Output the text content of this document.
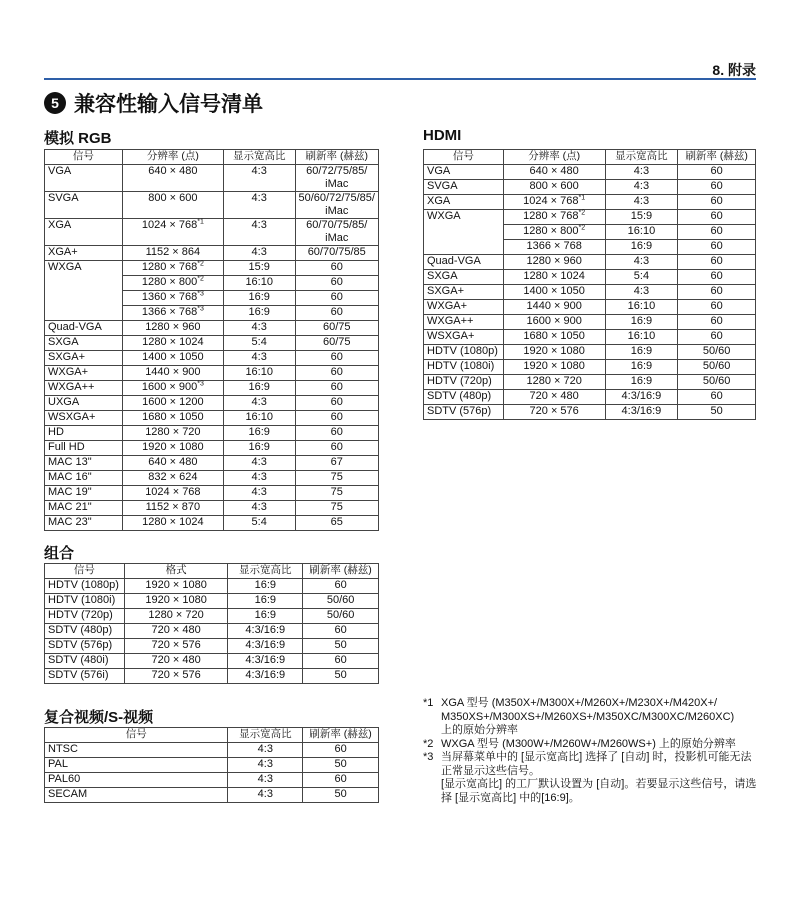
8. 附录
5 兼容性输入信号清单
模拟 RGB
信号	分辨率 (点)	显示宽高比	刷新率 (赫兹)
VGA	640 × 480	4:3	60/72/75/85/ iMac
SVGA	800 × 600	4:3	50/60/72/75/85/ iMac
XGA	$1024 \times 768^{*1}$	4:3	60/70/75/85/ iMac
XGA+	1152 × 864	4:3	60/70/75/85
WXGA	$1280 \times 768^{*2}$	15:9	60
	$1280 \times 800^{*2}$	16:10	60
	$1360 \times 768^{*3}$	16:9	60
	$1366 \times 768^{*3}$	16:9	60
Quad-VGA	1280 × 960	4:3	60/75
SXGA	1280 × 1024	5:4	60/75
SXGA+	1400 × 1050	4:3	60
WXGA+	1440 × 900	16:10	60
WXGA++	$1600 \times 900^{*3}$	16:9	60
UXGA	1600 × 1200	4:3	60
WSXGA+	1680 × 1050	16:10	60
HD	1280 × 720	16:9	60
Full HD	1920 × 1080	16:9	60
MAC 13"	640 × 480	4:3	67
MAC 16"	832 × 624	4:3	75
MAC 19"	1024 × 768	4:3	75
MAC 21"	1152 × 870	4:3	75
MAC 23"	1280 × 1024	5:4	65
组合
信号	格式	显示宽高比	刷新率 (赫兹)
HDTV (1080p)	1920 × 1080	16:9	60
HDTV (1080i)	1920 × 1080	16:9	50/60
HDTV (720p)	1280 × 720	16:9	50/60
SDTV (480p)	720 × 480	4:3/16:9	60
SDTV (576p)	720 × 576	4:3/16:9	50
SDTV (480i)	720 × 480	4:3/16:9	60
SDTV (576i)	720 × 576	4:3/16:9	50
复合视频/S-视频
信号	显示宽高比	刷新率 (赫兹)
NTSC	4:3	60
PAL	4:3	50
PAL60	4:3	60
SECAM	4:3	50
HDMI
信号	分辨率 (点)	显示宽高比	刷新率 (赫兹)
VGA	640 × 480	4:3	60
SVGA	800 × 600	4:3	60
XGA	$1024 \times 768^{*1}$	4:3	60
WXGA	$1280 \times 768^{*2}$	15:9	60
	$1280 \times 800^{*2}$	16:10	60
	1366 × 768	16:9	60
Quad-VGA	1280 × 960	4:3	60
SXGA	1280 × 1024	5:4	60
SXGA+	1400 × 1050	4:3	60
WXGA+	1440 × 900	16:10	60
WXGA++	1600 × 900	16:9	60
WSXGA+	1680 × 1050	16:10	60
HDTV (1080p)	1920 × 1080	16:9	50/60
HDTV (1080i)	1920 × 1080	16:9	50/60
HDTV (720p)	1280 × 720	16:9	50/60
SDTV (480p)	720 × 480	4:3/16:9	60
SDTV (576p)	720 × 576	4:3/16:9	50
*1 XGA 型号 (M350X+/M300X+/M260X+/M230X+/M420X+/
M350XS+/M300XS+/M260XS+/M350XC/M300XC/M260XC)
上的原始分辨率
*2 WXGA 型号 (M300W+/M260W+/M260WS+) 上的原始分辨率
*3 当屏幕菜单中的 [显示宽高比] 选择了 [自动] 时，投影机可能无法
正常显示这些信号。
[显示宽高比] 的工厂默认设置为 [自动]。若要显示这些信号，请选
择 [显示宽高比] 中的[16:9]。
